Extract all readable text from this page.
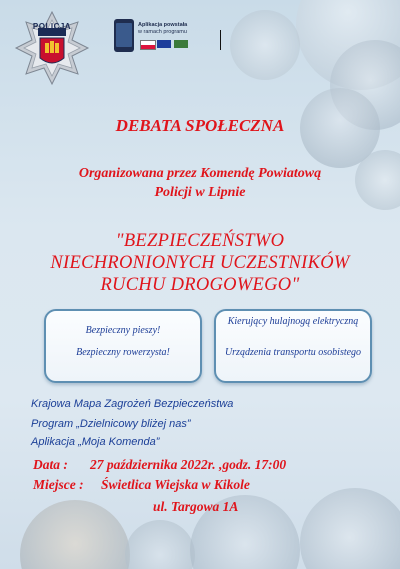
POLICJA	Aplikacja powstała
w ramach programu
DEBATA SPOŁECZNA
Organizowana przez Komendę Powiatową
Policji w Lipnie
"BEZPIECZEŃSTWO
NIECHRONIONYCH UCZESTNIKÓW
RUCHU DROGOWEGO"
Bezpieczny pieszy!
Bezpieczny rowerzysta!
Kierujący hulajnogą elektryczną
Urządzenia transportu osobistego
Krajowa Mapa Zagrożeń Bezpieczeństwa
Program „Dzielnicowy bliżej nas”
Aplikacja „Moja Komenda”
Data : 27 października 2022r. ,godz. 17:00
Miejsce : Świetlica Wiejska w Kikole
ul. Targowa 1A
